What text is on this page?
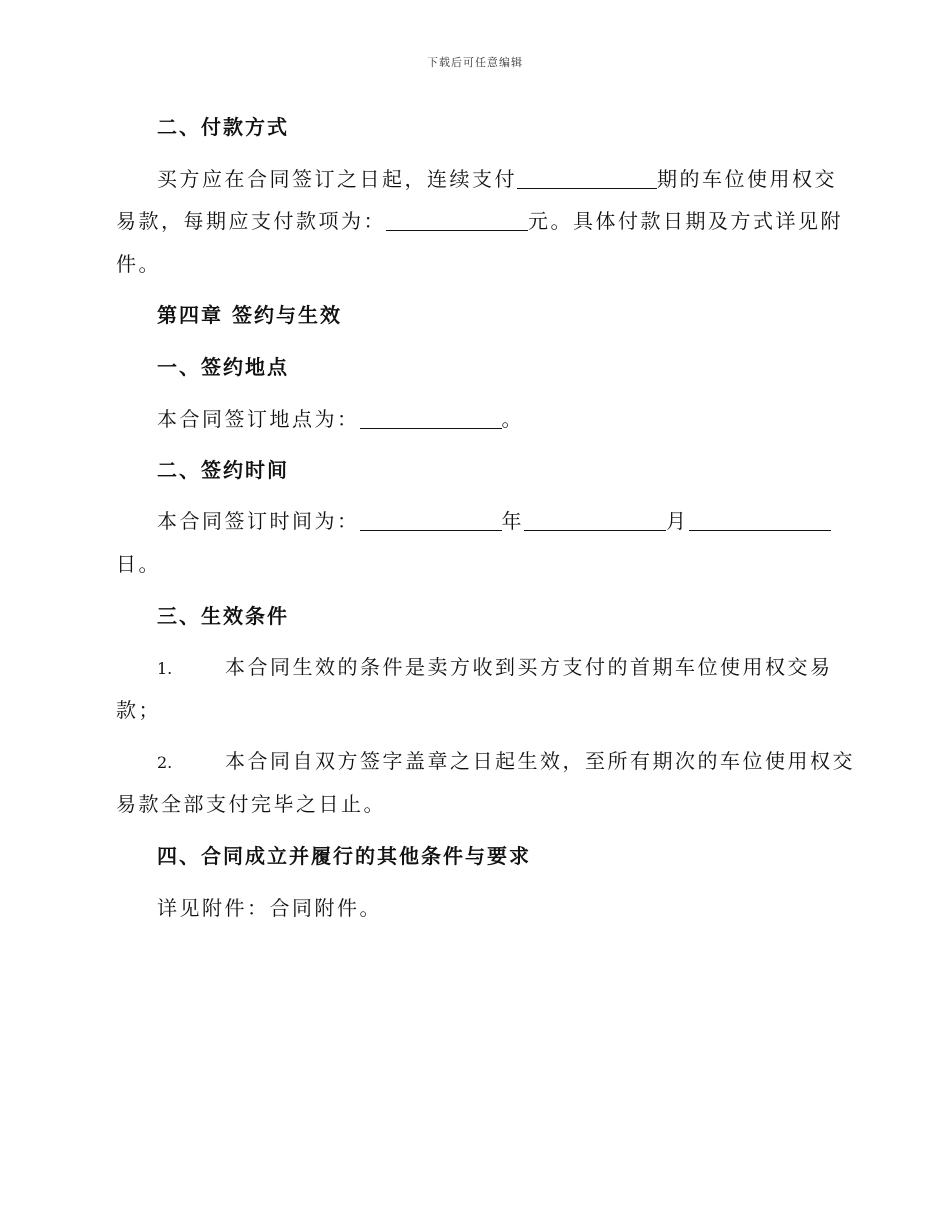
下载后可任意编辑
二、付款方式
买方应在合同签订之日起，连续支付	期的车位使用权交
易款，每期应支付款项为：	元。具体付款日期及方式详见附
件。
第四章 签约与生效
一、签约地点
本合同签订地点为：	。
二、签约时间
本合同签订时间为：	年	月
日。
三、生效条件
1.	本合同生效的条件是卖方收到买方支付的首期车位使用权交易
款；
2.	本合同自双方签字盖章之日起生效，至所有期次的车位使用权交
易款全部支付完毕之日止。
四、合同成立并履行的其他条件与要求
详见附件：合同附件。
